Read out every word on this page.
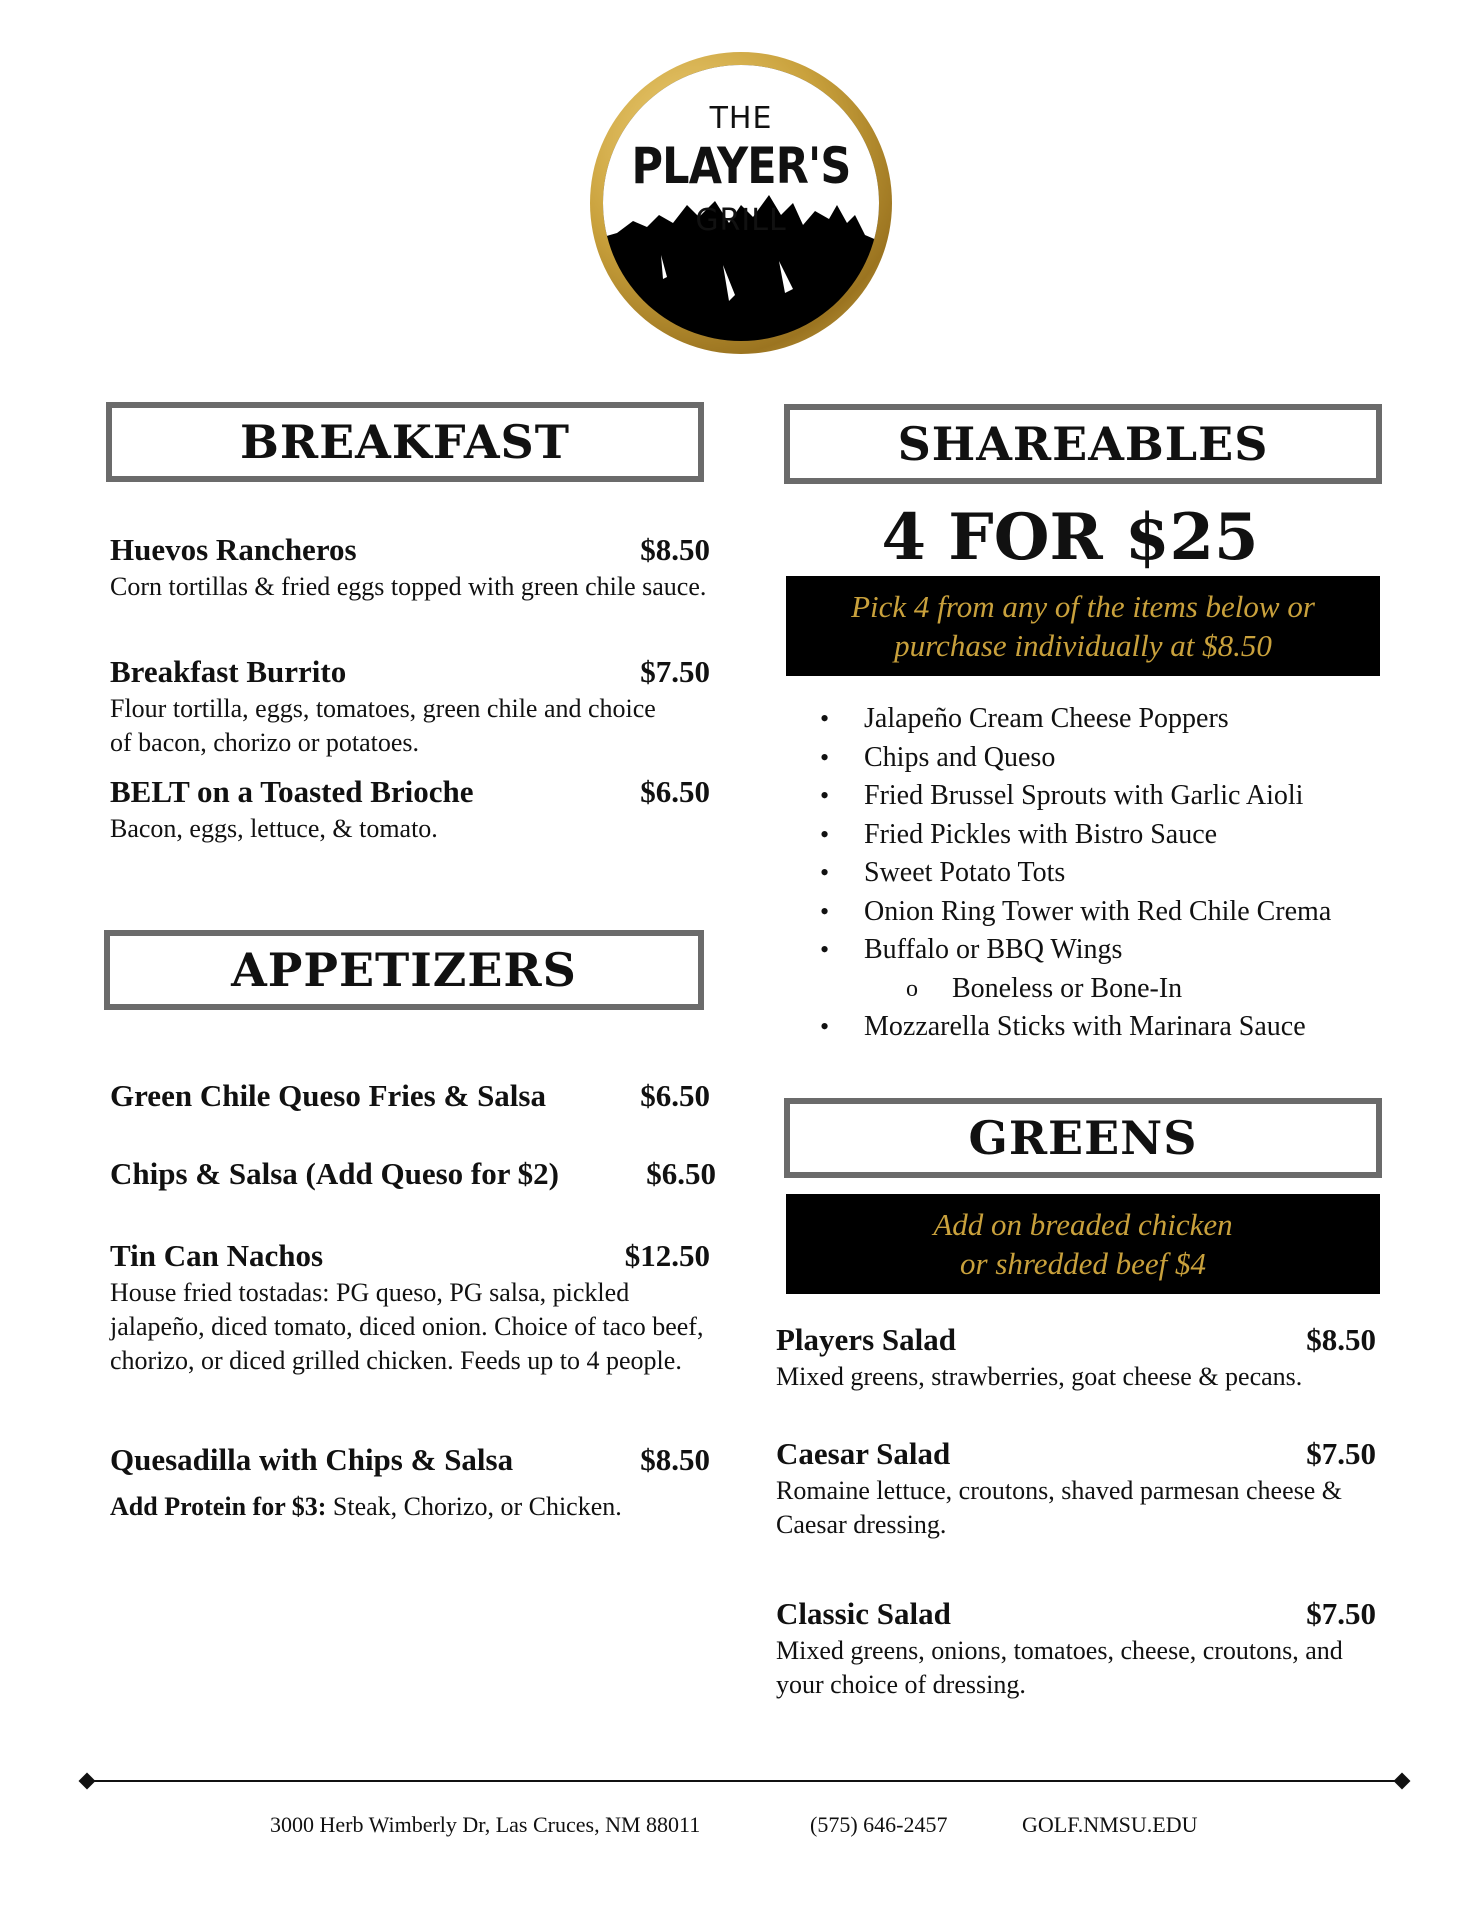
THE
PLAYER'S
GRILL
BREAKFAST
Huevos Rancheros	$8.50
Corn tortillas & fried eggs topped with green chile sauce.
Breakfast Burrito	$7.50
Flour tortilla, eggs, tomatoes, green chile and choice of bacon, chorizo or potatoes.
BELT on a Toasted Brioche	$6.50
Bacon, eggs, lettuce, & tomato.
APPETIZERS
Green Chile Queso Fries & Salsa	$6.50
Chips & Salsa (Add Queso for $2)	$6.50
Tin Can Nachos	$12.50
House fried tostadas: PG queso, PG salsa, pickled jalapeño, diced tomato, diced onion. Choice of taco beef, chorizo, or diced grilled chicken. Feeds up to 4 people.
Quesadilla with Chips & Salsa	$8.50
Add Protein for $3: Steak, Chorizo, or Chicken.
SHAREABLES
4 FOR $25
Pick 4 from any of the items below or
purchase individually at $8.50
• Jalapeño Cream Cheese Poppers
• Chips and Queso
• Fried Brussel Sprouts with Garlic Aioli
• Fried Pickles with Bistro Sauce
• Sweet Potato Tots
• Onion Ring Tower with Red Chile Crema
• Buffalo or BBQ Wings
o Boneless or Bone-In
• Mozzarella Sticks with Marinara Sauce
GREENS
Add on breaded chicken
or shredded beef $4
Players Salad	$8.50
Mixed greens, strawberries, goat cheese & pecans.
Caesar Salad	$7.50
Romaine lettuce, croutons, shaved parmesan cheese & Caesar dressing.
Classic Salad	$7.50
Mixed greens, onions, tomatoes, cheese, croutons, and your choice of dressing.
3000 Herb Wimberly Dr, Las Cruces, NM 88011	(575) 646-2457	GOLF.NMSU.EDU
